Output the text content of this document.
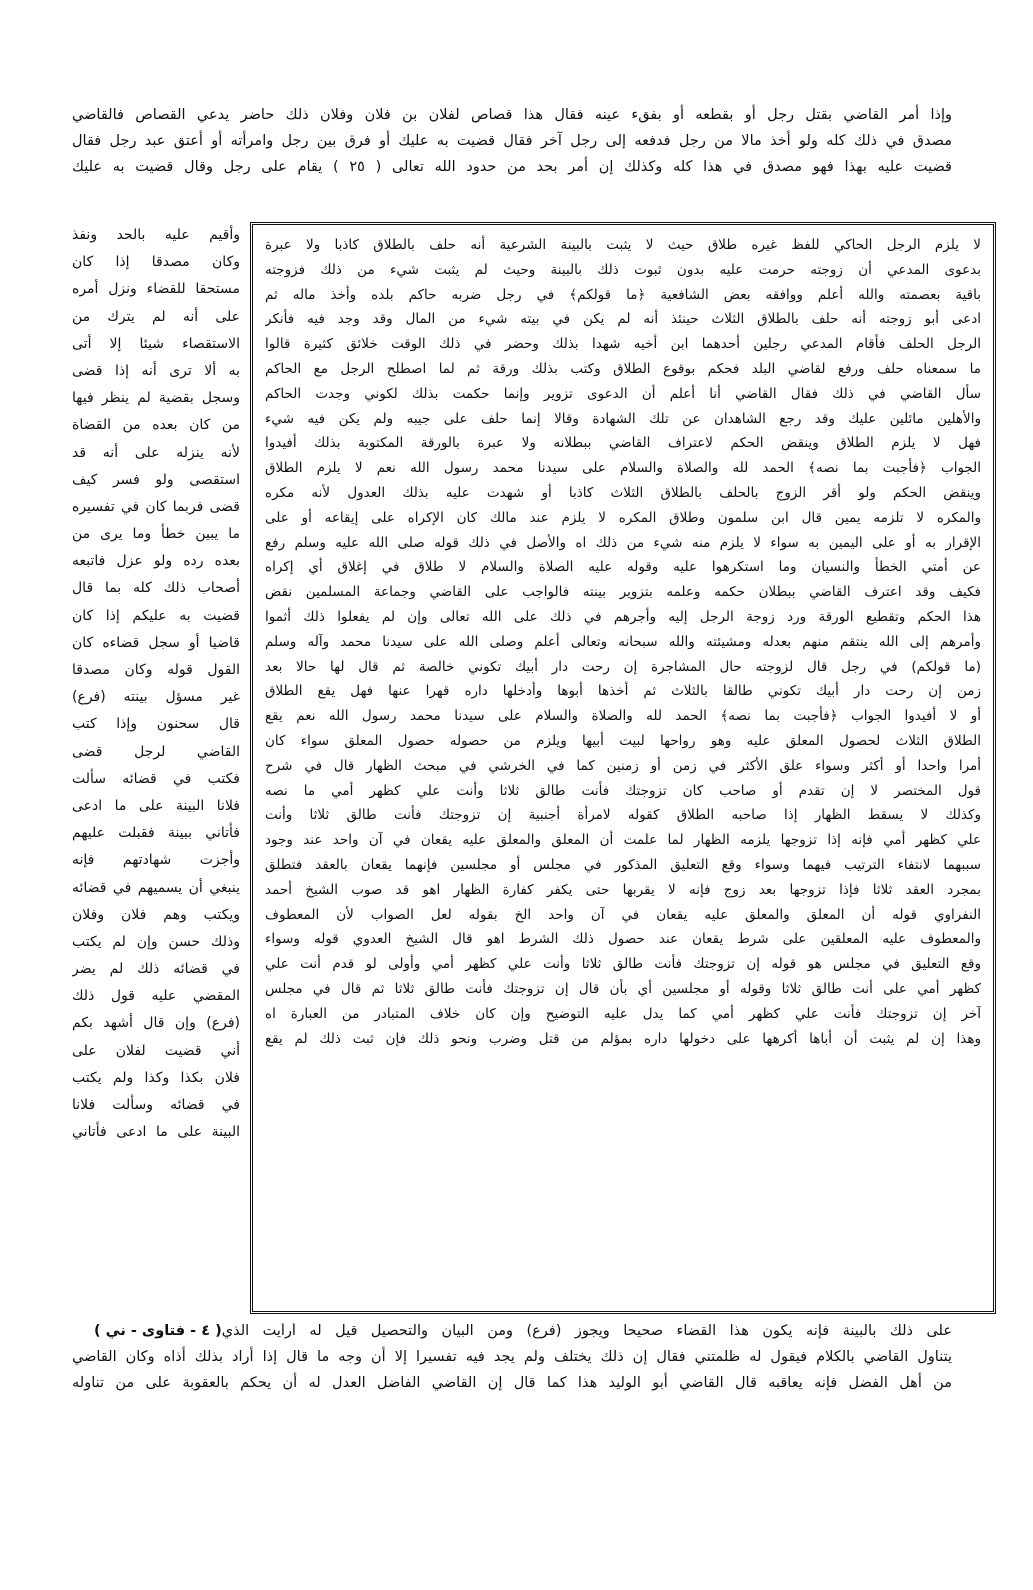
وإذا أمر القاضي بقتل رجل أو بقطعه أو بفقء عينه فقال هذا قصاص لفلان بن فلان وفلان ذلك حاضر يدعي القصاص فالقاضي
مصدق في ذلك كله ولو أخذ مالا من رجل فدفعه إلى رجل آخر فقال قضيت به عليك أو فرق بين رجل وامرأته أو أعتق عبد رجل فقال
قضيت عليه بهذا فهو مصدق في هذا كله وكذلك إن أمر بحد من حدود الله تعالى ( ٢٥ ) يقام على رجل وقال قضيت به عليك
لا يلزم الرجل الحاكي للفظ غيره طلاق حيث لا يثبت بالبينة الشرعية أنه حلف بالطلاق كاذبا ولا عبرة
بدعوى المدعي أن زوجته حرمت عليه بدون ثبوت ذلك بالبينة وحيث لم يثبت شيء من ذلك فزوجته
باقية بعصمته والله أعلم ووافقه بعض الشافعية ﴿ما قولكم﴾ في رجل ضربه حاكم بلده وأخذ ماله ثم
ادعى أبو زوجته أنه حلف بالطلاق الثلاث حينئذ أنه لم يكن في بيته شيء من المال وقد وجد فيه فأنكر
الرجل الحلف فأقام المدعي رجلين أحدهما ابن أخيه شهدا بذلك وحضر في ذلك الوقت خلائق كثيرة قالوا
ما سمعناه حلف ورفع لقاضي البلد فحكم بوقوع الطلاق وكتب بذلك ورقة ثم لما اصطلح الرجل مع الحاكم
سأل القاضي في ذلك فقال القاضي أنا أعلم أن الدعوى تزوير وإنما حكمت بذلك لكوني وجدت الحاكم
والأهلين مائلين عليك وقد رجع الشاهدان عن تلك الشهادة وقالا إنما حلف على جيبه ولم يكن فيه شيء
فهل لا يلزم الطلاق وينقض الحكم لاعتراف القاضي ببطلانه ولا عبرة بالورقة المكتوبة بذلك أفيدوا
الجواب ﴿فأجبت بما نصه﴾ الحمد لله والصلاة والسلام على سيدنا محمد رسول الله نعم لا يلزم الطلاق
وينقض الحكم ولو أقر الزوج بالحلف بالطلاق الثلاث كاذبا أو شهدت عليه بذلك العدول لأنه مكره
والمكره لا تلزمه يمين قال ابن سلمون وطلاق المكره لا يلزم عند مالك كان الإكراه على إيقاعه أو على
الإقرار به أو على اليمين به سواء لا يلزم منه شيء من ذلك اه والأصل في ذلك قوله صلى الله عليه وسلم رفع
عن أمتي الخطأ والنسيان وما استكرهوا عليه وقوله عليه الصلاة والسلام لا طلاق في إغلاق أي إكراه
فكيف وقد اعترف القاضي ببطلان حكمه وعلمه بتزوير بينته فالواجب على القاضي وجماعة المسلمين نقض
هذا الحكم وتقطيع الورقة ورد زوجة الرجل إليه وأجرهم في ذلك على الله تعالى وإن لم يفعلوا ذلك أثموا
وأمرهم إلى الله ينتقم منهم بعدله ومشيئته والله سبحانه وتعالى أعلم وصلى الله على سيدنا محمد وآله وسلم
(ما قولكم) في رجل قال لزوجته حال المشاجرة إن رحت دار أبيك تكوني خالصة ثم قال لها حالا بعد
زمن إن رحت دار أبيك تكوني طالقا بالثلاث ثم أخذها أبوها وأدخلها داره قهرا عنها فهل يقع الطلاق
أو لا أفيدوا الجواب ﴿فأجبت بما نصه﴾ الحمد لله والصلاة والسلام على سيدنا محمد رسول الله نعم يقع
الطلاق الثلاث لحصول المعلق عليه وهو رواحها لبيت أبيها ويلزم من حصوله حصول المعلق سواء كان
أمرا واحدا أو أكثر وسواء علق الأكثر في زمن أو زمنين كما في الخرشي في مبحث الظهار قال في شرح
قول المختصر لا إن تقدم أو صاحب كان تزوجتك فأنت طالق ثلاثا وأنت علي كظهر أمي ما نصه
وكذلك لا يسقط الظهار إذا صاحبه الطلاق كقوله لامرأة أجنبية إن تزوجتك فأنت طالق ثلاثا وأنت
علي كظهر أمي فإنه إذا تزوجها يلزمه الظهار لما علمت أن المعلق والمعلق عليه يقعان في آن واحد عند وجود
سببهما لانتفاء الترتيب فيهما وسواء وقع التعليق المذكور في مجلس أو مجلسين فإنهما يقعان بالعقد فتطلق
بمجرد العقد ثلاثا فإذا تزوجها بعد زوج فإنه لا يقربها حتى يكفر كفارة الظهار اهو قد صوب الشيخ أحمد
النفراوي قوله أن المعلق والمعلق عليه يقعان في آن واحد الخ بقوله لعل الصواب لأن المعطوف
والمعطوف عليه المعلقين على شرط يقعان عند حصول ذلك الشرط اهو قال الشيخ العدوي قوله وسواء
وقع التعليق في مجلس هو قوله إن تزوجتك فأنت طالق ثلاثا وأنت علي كظهر أمي وأولى لو قدم أنت علي
كظهر أمي على أنت طالق ثلاثا وقوله أو مجلسين أي بأن قال إن تزوجتك فأنت طالق ثلاثا ثم قال في مجلس
آخر إن تزوجتك فأنت علي كظهر أمي كما يدل عليه التوضيح وإن كان خلاف المتبادر من العبارة اه
وهذا إن لم يثبت أن أباها أكرهها على دخولها داره بمؤلم من قتل وضرب ونحو ذلك فإن ثبت ذلك لم يقع
وأقيم عليه بالحد ونفذ
وكان مصدقا إذا كان
مستحقا للقضاء ونزل أمره
على أنه لم يترك من
الاستقصاء شيئا إلا أتى
به ألا ترى أنه إذا قضى
وسجل بقضية لم ينظر فيها
من كان بعده من القضاة
لأنه ينزله على أنه قد
استقصى ولو فسر كيف
قضى فربما كان في تفسيره
ما يبين خطأ وما يرى من
بعده رده ولو عزل فاتبعه
أصحاب ذلك كله بما قال
قضيت به عليكم إذا كان
قاضيا أو سجل قضاءه كان
القول قوله وكان مصدقا
غير مسؤل بينته (فرع)
قال سحنون وإذا كتب
القاضي لرجل قضى
فكتب في قضائه سألت
فلانا البينة على ما ادعى
فأتاني ببينة فقبلت عليهم
وأجزت شهادتهم فإنه
ينبغي أن يسميهم في قضائه
ويكتب وهم فلان وفلان
وذلك حسن وإن لم يكتب
في قضائه ذلك لم يضر
المقضي عليه قول ذلك
(فرع) وإن قال أشهد بكم
أني قضيت لفلان على
فلان بكذا وكذا ولم يكتب
في قضائه وسألت فلانا
البينة على ما ادعى فأتاني
على ذلك بالبينة فإنه يكون هذا القضاء صحيحا ويجوز (فرع) ومن البيان والتحصيل قيل له أرأيت الذي
( ٤ - فتاوى - ني )
يتناول القاضي بالكلام فيقول له ظلمتني فقال إن ذلك يختلف ولم يجد فيه تفسيرا إلا أن وجه ما قال إذا أراد بذلك أذاه وكان القاضي
من أهل الفضل فإنه يعاقبه قال القاضي أبو الوليد هذا كما قال إن القاضي الفاضل العدل له أن يحكم بالعقوبة على من تناوله
